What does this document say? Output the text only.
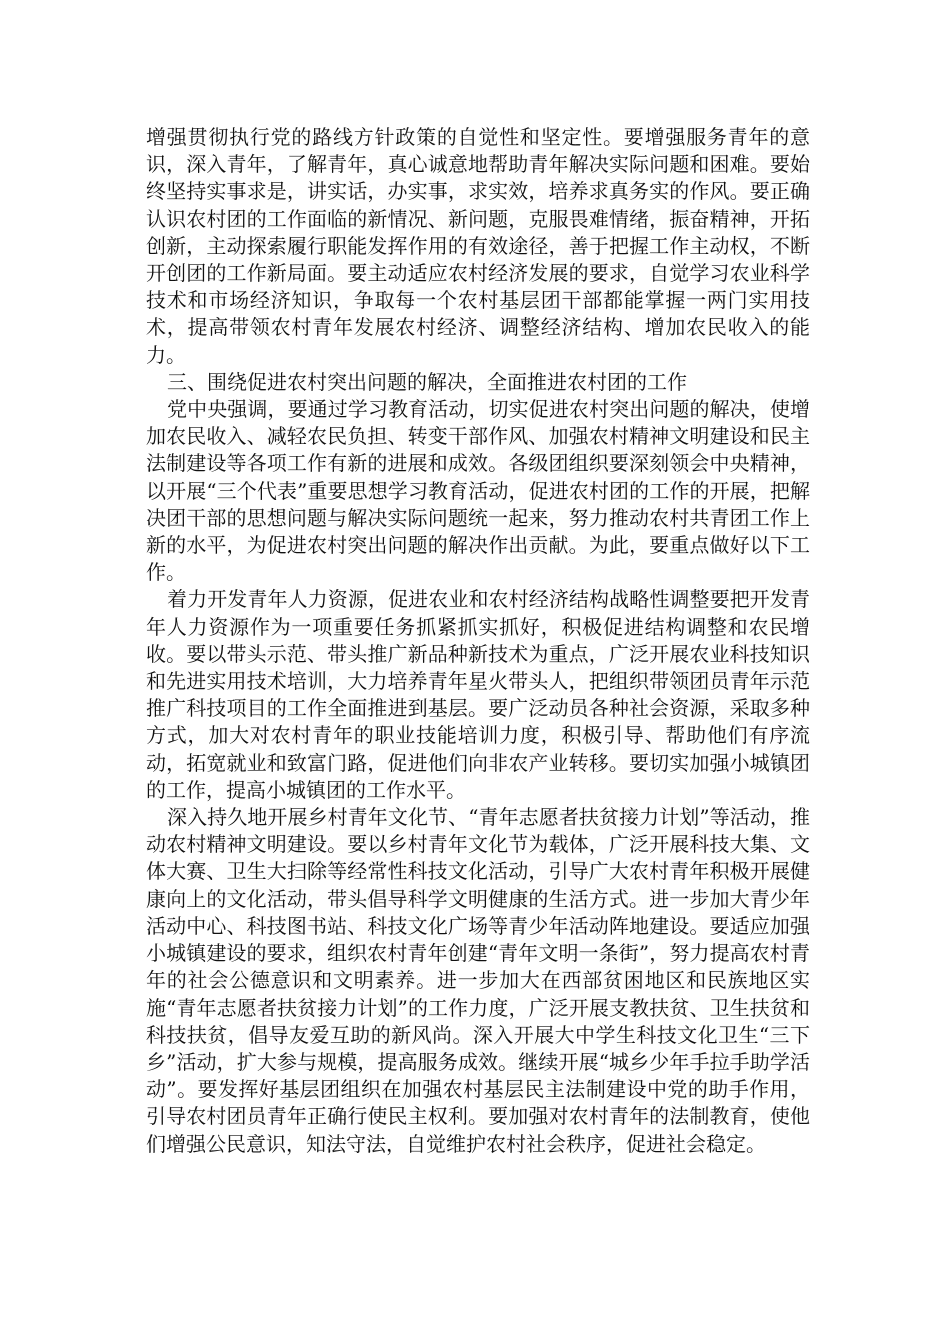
增强贯彻执行党的路线方针政策的自觉性和坚定性。要增强服务青年的意识，深入青年，了解青年，真心诚意地帮助青年解决实际问题和困难。要始终坚持实事求是，讲实话，办实事，求实效，培养求真务实的作风。要正确认识农村团的工作面临的新情况、新问题，克服畏难情绪，振奋精神，开拓创新，主动探索履行职能发挥作用的有效途径，善于把握工作主动权，不断开创团的工作新局面。要主动适应农村经济发展的要求，自觉学习农业科学技术和市场经济知识，争取每一个农村基层团干部都能掌握一两门实用技术，提高带领农村青年发展农村经济、调整经济结构、增加农民收入的能力。

三、围绕促进农村突出问题的解决，全面推进农村团的工作

党中央强调，要通过学习教育活动，切实促进农村突出问题的解决，使增加农民收入、减轻农民负担、转变干部作风、加强农村精神文明建设和民主法制建设等各项工作有新的进展和成效。各级团组织要深刻领会中央精神，以开展“三个代表”重要思想学习教育活动，促进农村团的工作的开展，把解决团干部的思想问题与解决实际问题统一起来，努力推动农村共青团工作上新的水平，为促进农村突出问题的解决作出贡献。为此，要重点做好以下工作。

着力开发青年人力资源，促进农业和农村经济结构战略性调整要把开发青年人力资源作为一项重要任务抓紧抓实抓好，积极促进结构调整和农民增收。要以带头示范、带头推广新品种新技术为重点，广泛开展农业科技知识和先进实用技术培训，大力培养青年星火带头人，把组织带领团员青年示范推广科技项目的工作全面推进到基层。要广泛动员各种社会资源，采取多种方式，加大对农村青年的职业技能培训力度，积极引导、帮助他们有序流动，拓宽就业和致富门路，促进他们向非农产业转移。要切实加强小城镇团的工作，提高小城镇团的工作水平。

深入持久地开展乡村青年文化节、“青年志愿者扶贫接力计划”等活动，推动农村精神文明建设。要以乡村青年文化节为载体，广泛开展科技大集、文体大赛、卫生大扫除等经常性科技文化活动，引导广大农村青年积极开展健康向上的文化活动，带头倡导科学文明健康的生活方式。进一步加大青少年活动中心、科技图书站、科技文化广场等青少年活动阵地建设。要适应加强小城镇建设的要求，组织农村青年创建“青年文明一条街”，努力提高农村青年的社会公德意识和文明素养。进一步加大在西部贫困地区和民族地区实施“青年志愿者扶贫接力计划”的工作力度，广泛开展支教扶贫、卫生扶贫和科技扶贫，倡导友爱互助的新风尚。深入开展大中学生科技文化卫生“三下乡”活动，扩大参与规模，提高服务成效。继续开展“城乡少年手拉手助学活动”。要发挥好基层团组织在加强农村基层民主法制建设中党的助手作用，引导农村团员青年正确行使民主权利。要加强对农村青年的法制教育，使他们增强公民意识，知法守法，自觉维护农村社会秩序，促进社会稳定。
